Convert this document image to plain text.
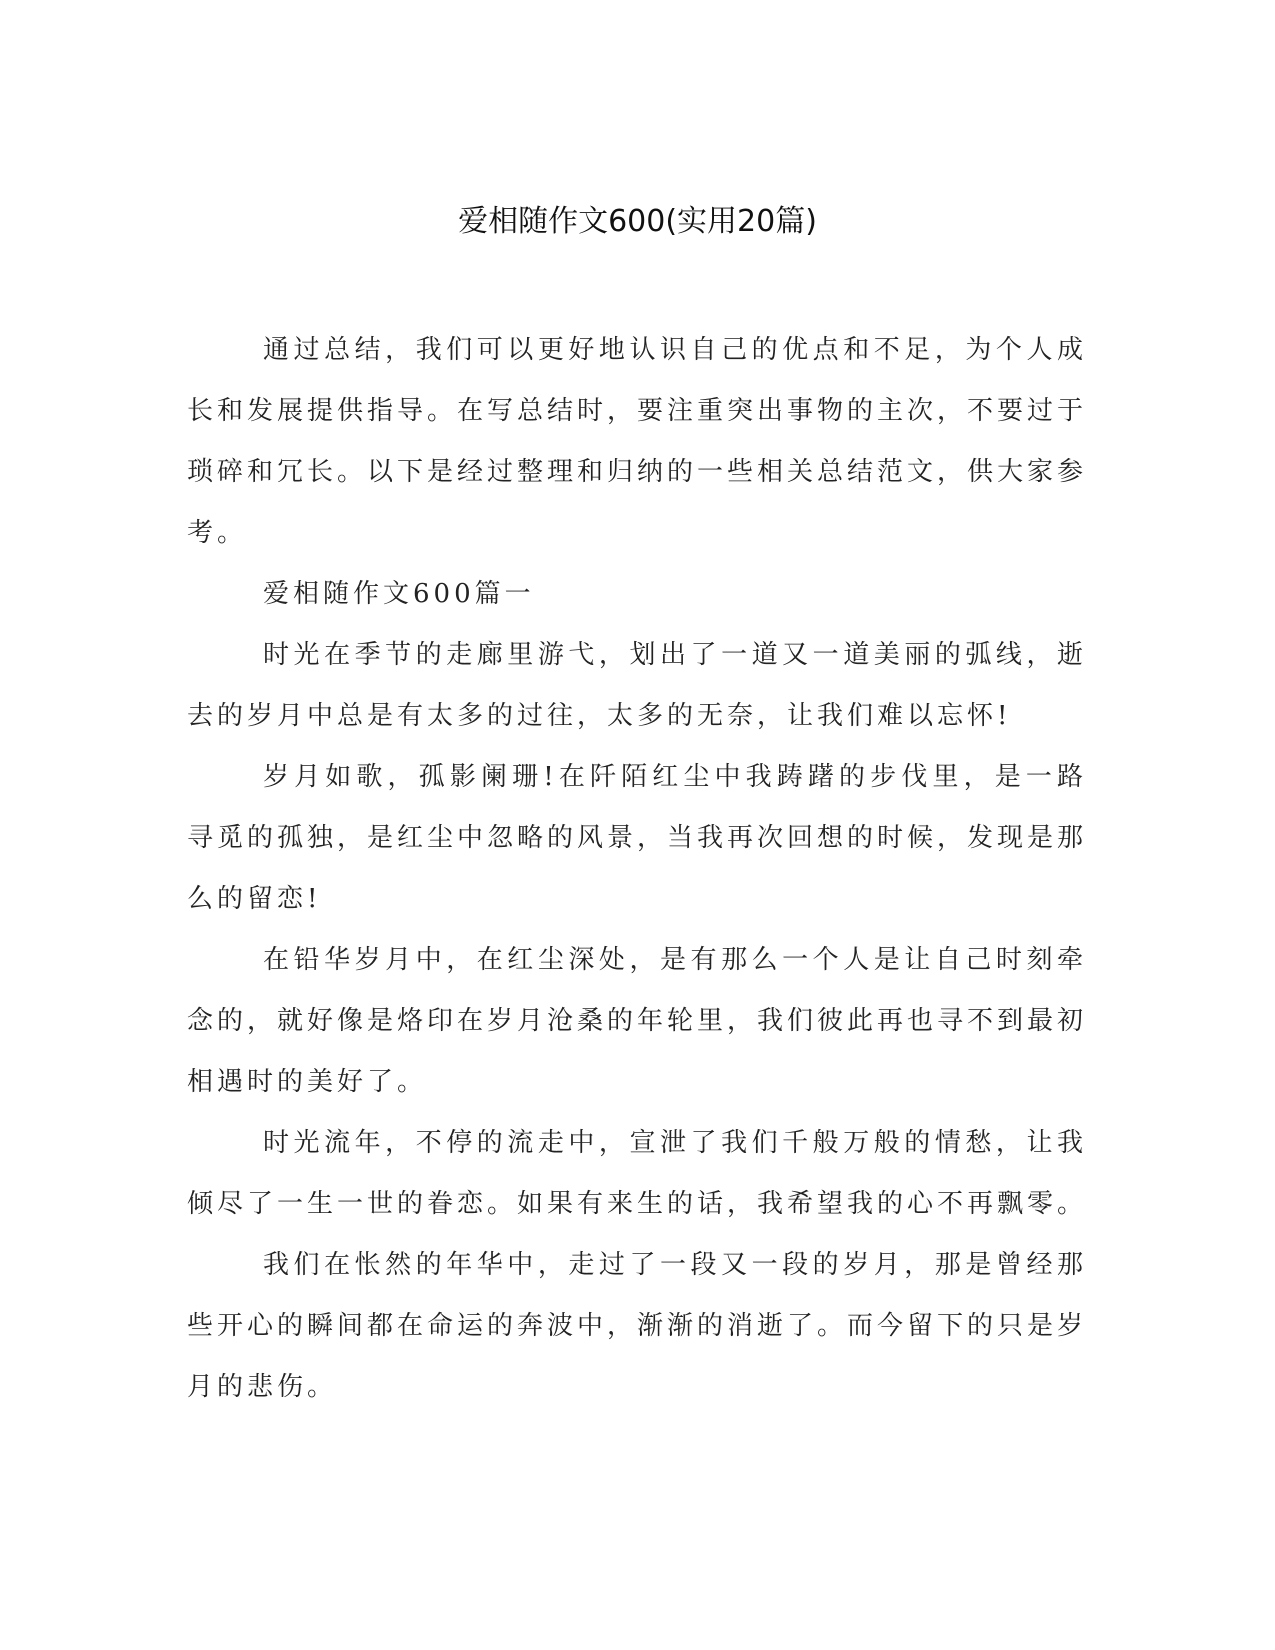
爱相随作文600(实用20篇)

通过总结，我们可以更好地认识自己的优点和不足，为个人成长和发展提供指导。在写总结时，要注重突出事物的主次，不要过于琐碎和冗长。以下是经过整理和归纳的一些相关总结范文，供大家参考。

爱相随作文600篇一

时光在季节的走廊里游弋，划出了一道又一道美丽的弧线，逝去的岁月中总是有太多的过往，太多的无奈，让我们难以忘怀!

岁月如歌，孤影阑珊!在阡陌红尘中我踌躇的步伐里，是一路寻觅的孤独，是红尘中忽略的风景，当我再次回想的时候，发现是那么的留恋!

在铅华岁月中，在红尘深处，是有那么一个人是让自己时刻牵念的，就好像是烙印在岁月沧桑的年轮里，我们彼此再也寻不到最初相遇时的美好了。

时光流年，不停的流走中，宣泄了我们千般万般的情愁，让我倾尽了一生一世的眷恋。如果有来生的话，我希望我的心不再飘零。

我们在怅然的年华中，走过了一段又一段的岁月，那是曾经那些开心的瞬间都在命运的奔波中，渐渐的消逝了。而今留下的只是岁月的悲伤。
